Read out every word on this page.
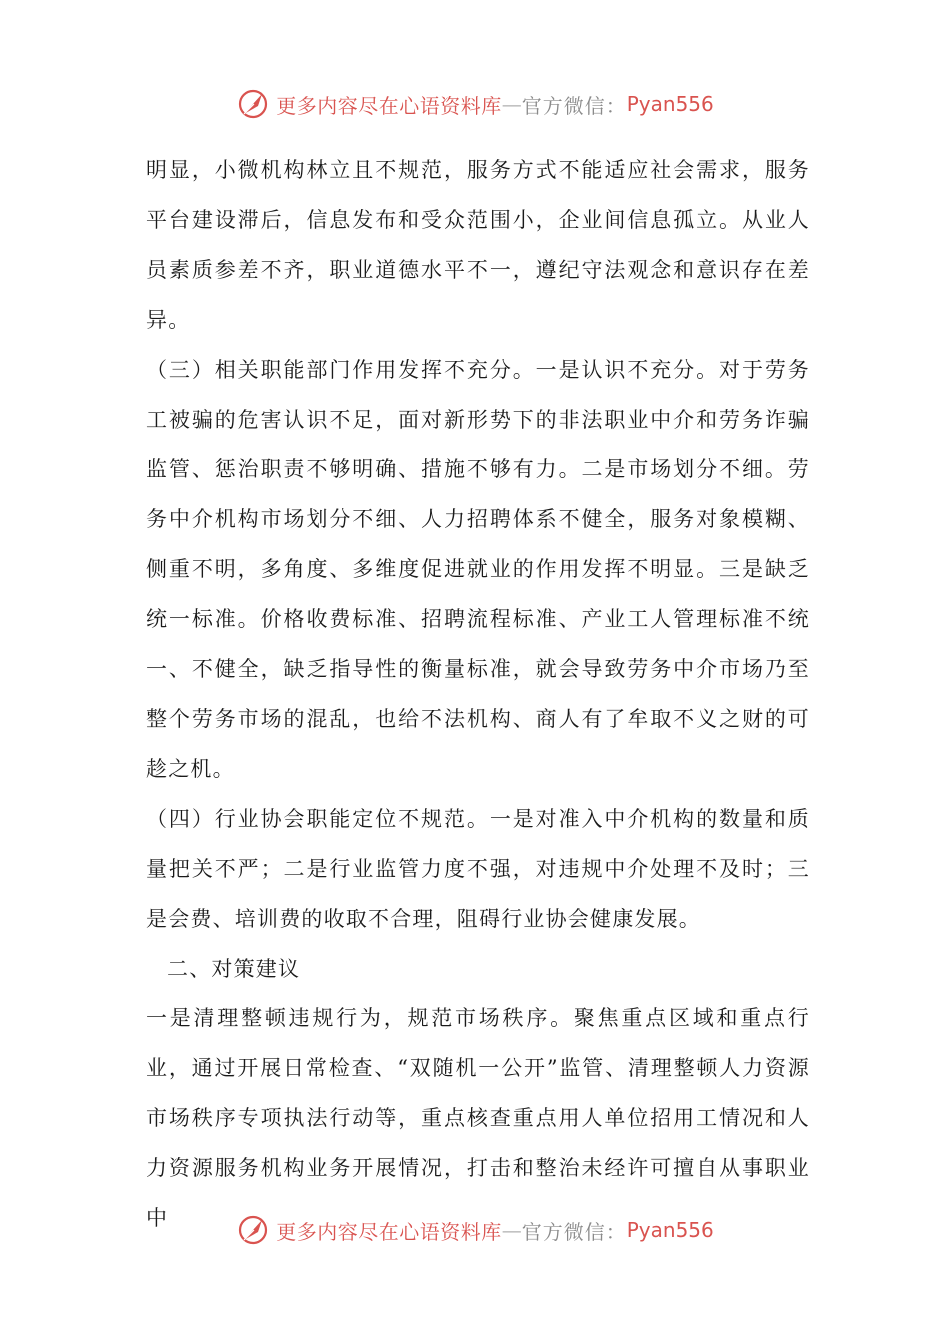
更多内容尽在心语资料库 — 官方微信： Pyan556

明显，小微机构林立且不规范，服务方式不能适应社会需求，服务平台建设滞后，信息发布和受众范围小，企业间信息孤立。从业人员素质参差不齐，职业道德水平不一，遵纪守法观念和意识存在差异。

（三）相关职能部门作用发挥不充分。一是认识不充分。对于劳务工被骗的危害认识不足，面对新形势下的非法职业中介和劳务诈骗监管、惩治职责不够明确、措施不够有力。二是市场划分不细。劳务中介机构市场划分不细、人力招聘体系不健全，服务对象模糊、侧重不明，多角度、多维度促进就业的作用发挥不明显。三是缺乏统一标准。价格收费标准、招聘流程标准、产业工人管理标准不统一、不健全，缺乏指导性的衡量标准，就会导致劳务中介市场乃至整个劳务市场的混乱，也给不法机构、商人有了牟取不义之财的可趁之机。

（四）行业协会职能定位不规范。一是对准入中介机构的数量和质量把关不严；二是行业监管力度不强，对违规中介处理不及时；三是会费、培训费的收取不合理，阻碍行业协会健康发展。

二、对策建议

一是清理整顿违规行为，规范市场秩序。聚焦重点区域和重点行业，通过开展日常检查、“双随机一公开”监管、清理整顿人力资源市场秩序专项执法行动等，重点核查重点用人单位招用工情况和人力资源服务机构业务开展情况，打击和整治未经许可擅自从事职业中

更多内容尽在心语资料库 — 官方微信： Pyan556
